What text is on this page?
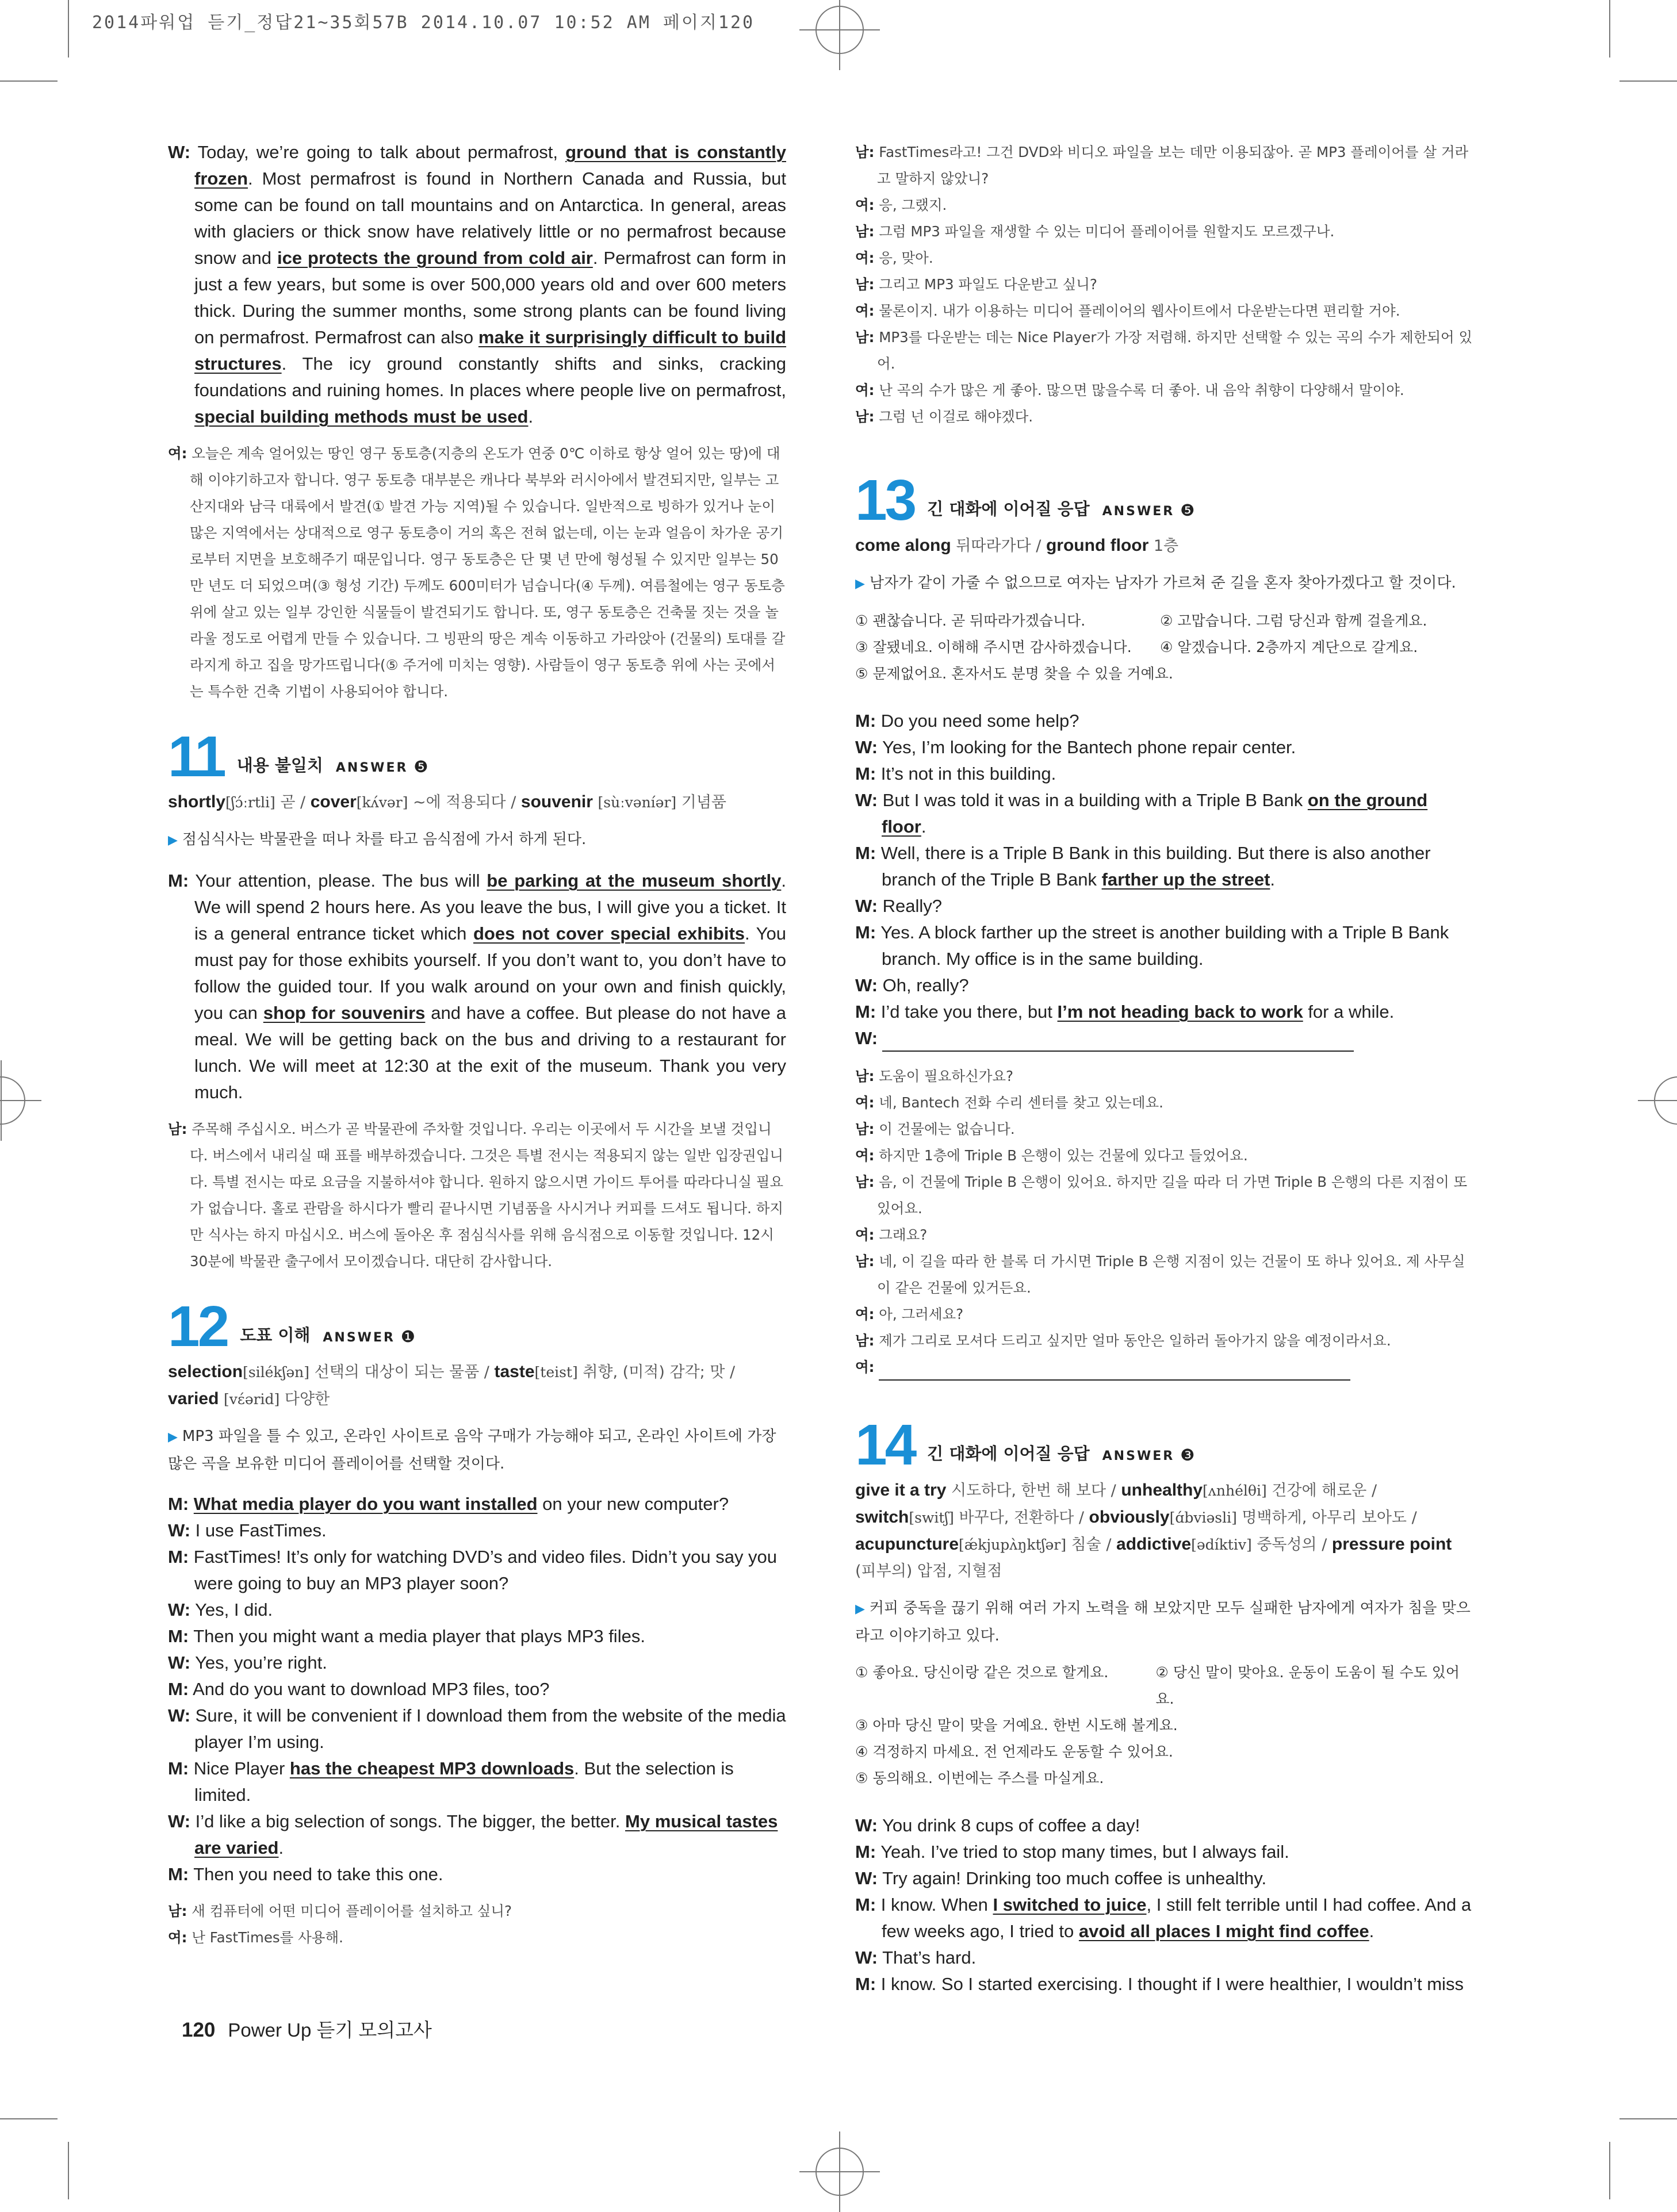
2014파워업 듣기_정답21~35회57B 2014.10.07 10:52 AM 페이지120

W: Today, we’re going to talk about permafrost, ground that is constantly frozen. Most permafrost is found in Northern Canada and Russia, but some can be found on tall mountains and on Antarctica. In general, areas with glaciers or thick snow have relatively little or no permafrost because snow and ice protects the ground from cold air. Permafrost can form in just a few years, but some is over 500,000 years old and over 600 meters thick. During the summer months, some strong plants can be found living on permafrost. Permafrost can also make it surprisingly difficult to build structures. The icy ground constantly shifts and sinks, cracking foundations and ruining homes. In places where people live on permafrost, special building methods must be used.

여: 오늘은 계속 얼어있는 땅인 영구 동토층(지층의 온도가 연중 0℃ 이하로 항상 얼어 있는 땅)에 대해 이야기하고자 합니다. 영구 동토층 대부분은 캐나다 북부와 러시아에서 발견되지만, 일부는 고산지대와 남극 대륙에서 발견(① 발견 가능 지역)될 수 있습니다. 일반적으로 빙하가 있거나 눈이 많은 지역에서는 상대적으로 영구 동토층이 거의 혹은 전혀 없는데, 이는 눈과 얼음이 차가운 공기로부터 지면을 보호해주기 때문입니다. 영구 동토층은 단 몇 년 만에 형성될 수 있지만 일부는 50만 년도 더 되었으며(③ 형성 기간) 두께도 600미터가 넘습니다(④ 두께). 여름철에는 영구 동토층 위에 살고 있는 일부 강인한 식물들이 발견되기도 합니다. 또, 영구 동토층은 건축물 짓는 것을 놀라울 정도로 어렵게 만들 수 있습니다. 그 빙판의 땅은 계속 이동하고 가라앉아 (건물의) 토대를 갈라지게 하고 집을 망가뜨립니다(⑤ 주거에 미치는 영향). 사람들이 영구 동토층 위에 사는 곳에서는 특수한 건축 기법이 사용되어야 합니다.

11 내용 불일치 ANSWER ❺
shortly[ʃɔ́ːrtli] 곧 / cover[kʌ́vər] ~에 적용되다 / souvenir [sùːvəníər] 기념품
▶ 점심식사는 박물관을 떠나 차를 타고 음식점에 가서 하게 된다.

M: Your attention, please. The bus will be parking at the museum shortly. We will spend 2 hours here. As you leave the bus, I will give you a ticket. It is a general entrance ticket which does not cover special exhibits. You must pay for those exhibits yourself. If you don’t want to, you don’t have to follow the guided tour. If you walk around on your own and finish quickly, you can shop for souvenirs and have a coffee. But please do not have a meal. We will be getting back on the bus and driving to a restaurant for lunch. We will meet at 12:30 at the exit of the museum. Thank you very much.

남: 주목해 주십시오. 버스가 곧 박물관에 주차할 것입니다. 우리는 이곳에서 두 시간을 보낼 것입니다. 버스에서 내리실 때 표를 배부하겠습니다. 그것은 특별 전시는 적용되지 않는 일반 입장권입니다. 특별 전시는 따로 요금을 지불하셔야 합니다. 원하지 않으시면 가이드 투어를 따라다니실 필요가 없습니다. 홀로 관람을 하시다가 빨리 끝나시면 기념품을 사시거나 커피를 드셔도 됩니다. 하지만 식사는 하지 마십시오. 버스에 돌아온 후 점심식사를 위해 음식점으로 이동할 것입니다. 12시 30분에 박물관 출구에서 모이겠습니다. 대단히 감사합니다.

12 도표 이해 ANSWER ❶
selection[silékʃən] 선택의 대상이 되는 물품 / taste[teist] 취향, (미적) 감각; 맛 / varied [vɛ́ərid] 다양한
▶ MP3 파일을 틀 수 있고, 온라인 사이트로 음악 구매가 가능해야 되고, 온라인 사이트에 가장 많은 곡을 보유한 미디어 플레이어를 선택할 것이다.

M: What media player do you want installed on your new computer?

W: I use FastTimes.

M: FastTimes! It’s only for watching DVD’s and video files. Didn’t you say you were going to buy an MP3 player soon?

W: Yes, I did.

M: Then you might want a media player that plays MP3 files.

W: Yes, you’re right.

M: And do you want to download MP3 files, too?

W: Sure, it will be convenient if I download them from the website of the media player I’m using.

M: Nice Player has the cheapest MP3 downloads. But the selection is limited.

W: I’d like a big selection of songs. The bigger, the better. My musical tastes are varied.

M: Then you need to take this one.

남: 새 컴퓨터에 어떤 미디어 플레이어를 설치하고 싶니?

여: 난 FastTimes를 사용해.

남: FastTimes라고! 그건 DVD와 비디오 파일을 보는 데만 이용되잖아. 곧 MP3 플레이어를 살 거라고 말하지 않았니?

여: 응, 그랬지.

남: 그럼 MP3 파일을 재생할 수 있는 미디어 플레이어를 원할지도 모르겠구나.

여: 응, 맞아.

남: 그리고 MP3 파일도 다운받고 싶니?

여: 물론이지. 내가 이용하는 미디어 플레이어의 웹사이트에서 다운받는다면 편리할 거야.

남: MP3를 다운받는 데는 Nice Player가 가장 저렴해. 하지만 선택할 수 있는 곡의 수가 제한되어 있어.

여: 난 곡의 수가 많은 게 좋아. 많으면 많을수록 더 좋아. 내 음악 취향이 다양해서 말이야.

남: 그럼 넌 이걸로 해야겠다.

13 긴 대화에 이어질 응답 ANSWER ❺
come along 뒤따라가다 / ground floor 1층
▶ 남자가 같이 가줄 수 없으므로 여자는 남자가 가르쳐 준 길을 혼자 찾아가겠다고 할 것이다.
① 괜찮습니다. 곧 뒤따라가겠습니다.	② 고맙습니다. 그럼 당신과 함께 걸을게요.
③ 잘됐네요. 이해해 주시면 감사하겠습니다.	④ 알겠습니다. 2층까지 계단으로 갈게요.
⑤ 문제없어요. 혼자서도 분명 찾을 수 있을 거예요.

M: Do you need some help?

W: Yes, I’m looking for the Bantech phone repair center.

M: It’s not in this building.

W: But I was told it was in a building with a Triple B Bank on the ground floor.

M: Well, there is a Triple B Bank in this building. But there is also another branch of the Triple B Bank farther up the street.

W: Really?

M: Yes. A block farther up the street is another building with a Triple B Bank branch. My office is in the same building.

W: Oh, really?

M: I’d take you there, but I’m not heading back to work for a while.

W:

남: 도움이 필요하신가요?

여: 네, Bantech 전화 수리 센터를 찾고 있는데요.

남: 이 건물에는 없습니다.

여: 하지만 1층에 Triple B 은행이 있는 건물에 있다고 들었어요.

남: 음, 이 건물에 Triple B 은행이 있어요. 하지만 길을 따라 더 가면 Triple B 은행의 다른 지점이 또 있어요.

여: 그래요?

남: 네, 이 길을 따라 한 블록 더 가시면 Triple B 은행 지점이 있는 건물이 또 하나 있어요. 제 사무실이 같은 건물에 있거든요.

여: 아, 그러세요?

남: 제가 그리로 모셔다 드리고 싶지만 얼마 동안은 일하러 돌아가지 않을 예정이라서요.

여:

14 긴 대화에 이어질 응답 ANSWER ❸
give it a try 시도하다, 한번 해 보다 / unhealthy[ʌnhélθi] 건강에 해로운 / switch[switʃ] 바꾸다, 전환하다 / obviously[ɑ́bviəsli] 명백하게, 아무리 보아도 / acupuncture[ǽkjupʌ̀ŋktʃər] 침술 / addictive[ədíktiv] 중독성의 / pressure point (피부의) 압점, 지혈점
▶ 커피 중독을 끊기 위해 여러 가지 노력을 해 보았지만 모두 실패한 남자에게 여자가 침을 맞으라고 이야기하고 있다.
① 좋아요. 당신이랑 같은 것으로 할게요.	② 당신 말이 맞아요. 운동이 도움이 될 수도 있어요.
③ 아마 당신 말이 맞을 거예요. 한번 시도해 볼게요.
④ 걱정하지 마세요. 전 언제라도 운동할 수 있어요.
⑤ 동의해요. 이번에는 주스를 마실게요.

W: You drink 8 cups of coffee a day!

M: Yeah. I’ve tried to stop many times, but I always fail.

W: Try again! Drinking too much coffee is unhealthy.

M: I know. When I switched to juice, I still felt terrible until I had coffee. And a few weeks ago, I tried to avoid all places I might find coffee.

W: That’s hard.

M: I know. So I started exercising. I thought if I were healthier, I wouldn’t miss

120 Power Up 듣기 모의고사
